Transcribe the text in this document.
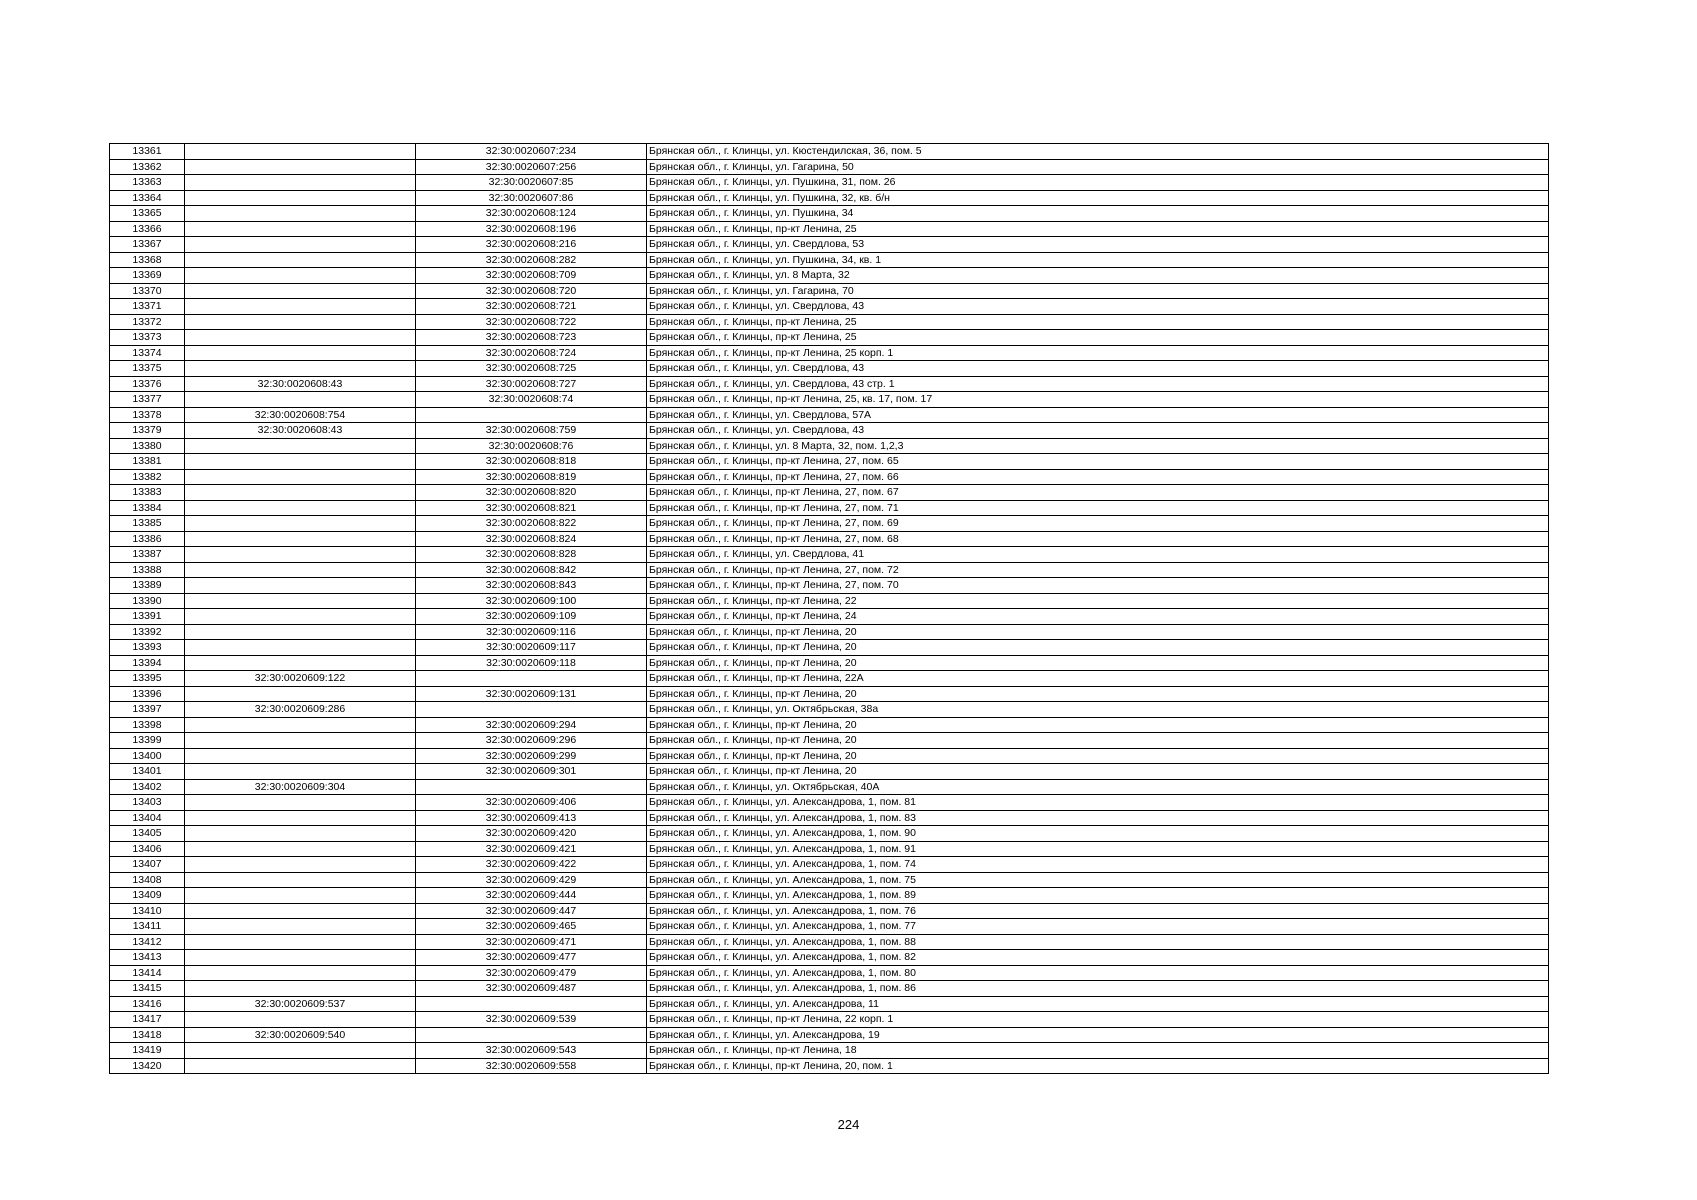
13361		32:30:0020607:234	Брянская обл., г. Клинцы, ул. Кюстендилская, 36, пом. 5
13362		32:30:0020607:256	Брянская обл., г. Клинцы, ул. Гагарина, 50
13363		32:30:0020607:85	Брянская обл., г. Клинцы, ул. Пушкина, 31, пом. 26
13364		32:30:0020607:86	Брянская обл., г. Клинцы, ул. Пушкина, 32, кв. б/н
13365		32:30:0020608:124	Брянская обл., г. Клинцы, ул. Пушкина, 34
13366		32:30:0020608:196	Брянская обл., г. Клинцы, пр-кт Ленина, 25
13367		32:30:0020608:216	Брянская обл., г. Клинцы, ул. Свердлова, 53
13368		32:30:0020608:282	Брянская обл., г. Клинцы, ул. Пушкина, 34, кв. 1
13369		32:30:0020608:709	Брянская обл., г. Клинцы, ул. 8 Марта, 32
13370		32:30:0020608:720	Брянская обл., г. Клинцы, ул. Гагарина, 70
13371		32:30:0020608:721	Брянская обл., г. Клинцы, ул. Свердлова, 43
13372		32:30:0020608:722	Брянская обл., г. Клинцы, пр-кт Ленина, 25
13373		32:30:0020608:723	Брянская обл., г. Клинцы, пр-кт Ленина, 25
13374		32:30:0020608:724	Брянская обл., г. Клинцы, пр-кт Ленина, 25 корп. 1
13375		32:30:0020608:725	Брянская обл., г. Клинцы, ул. Свердлова, 43
13376	32:30:0020608:43	32:30:0020608:727	Брянская обл., г. Клинцы, ул. Свердлова, 43 стр. 1
13377		32:30:0020608:74	Брянская обл., г. Клинцы, пр-кт Ленина, 25, кв. 17, пом. 17
13378	32:30:0020608:754		Брянская обл., г. Клинцы, ул. Свердлова, 57А
13379	32:30:0020608:43	32:30:0020608:759	Брянская обл., г. Клинцы, ул. Свердлова, 43
13380		32:30:0020608:76	Брянская обл., г. Клинцы, ул. 8 Марта, 32, пом. 1,2,3
13381		32:30:0020608:818	Брянская обл., г. Клинцы, пр-кт Ленина, 27, пом. 65
13382		32:30:0020608:819	Брянская обл., г. Клинцы, пр-кт Ленина, 27, пом. 66
13383		32:30:0020608:820	Брянская обл., г. Клинцы, пр-кт Ленина, 27, пом. 67
13384		32:30:0020608:821	Брянская обл., г. Клинцы, пр-кт Ленина, 27, пом. 71
13385		32:30:0020608:822	Брянская обл., г. Клинцы, пр-кт Ленина, 27, пом. 69
13386		32:30:0020608:824	Брянская обл., г. Клинцы, пр-кт Ленина, 27, пом. 68
13387		32:30:0020608:828	Брянская обл., г. Клинцы, ул. Свердлова, 41
13388		32:30:0020608:842	Брянская обл., г. Клинцы, пр-кт Ленина, 27, пом. 72
13389		32:30:0020608:843	Брянская обл., г. Клинцы, пр-кт Ленина, 27, пом. 70
13390		32:30:0020609:100	Брянская обл., г. Клинцы, пр-кт Ленина, 22
13391		32:30:0020609:109	Брянская обл., г. Клинцы, пр-кт Ленина, 24
13392		32:30:0020609:116	Брянская обл., г. Клинцы, пр-кт Ленина, 20
13393		32:30:0020609:117	Брянская обл., г. Клинцы, пр-кт Ленина, 20
13394		32:30:0020609:118	Брянская обл., г. Клинцы, пр-кт Ленина, 20
13395	32:30:0020609:122		Брянская обл., г. Клинцы, пр-кт Ленина, 22А
13396		32:30:0020609:131	Брянская обл., г. Клинцы, пр-кт Ленина, 20
13397	32:30:0020609:286		Брянская обл., г. Клинцы, ул. Октябрьская, 38а
13398		32:30:0020609:294	Брянская обл., г. Клинцы, пр-кт Ленина, 20
13399		32:30:0020609:296	Брянская обл., г. Клинцы, пр-кт Ленина, 20
13400		32:30:0020609:299	Брянская обл., г. Клинцы, пр-кт Ленина, 20
13401		32:30:0020609:301	Брянская обл., г. Клинцы, пр-кт Ленина, 20
13402	32:30:0020609:304		Брянская обл., г. Клинцы, ул. Октябрьская, 40А
13403		32:30:0020609:406	Брянская обл., г. Клинцы, ул. Александрова, 1, пом. 81
13404		32:30:0020609:413	Брянская обл., г. Клинцы, ул. Александрова, 1, пом. 83
13405		32:30:0020609:420	Брянская обл., г. Клинцы, ул. Александрова, 1, пом. 90
13406		32:30:0020609:421	Брянская обл., г. Клинцы, ул. Александрова, 1, пом. 91
13407		32:30:0020609:422	Брянская обл., г. Клинцы, ул. Александрова, 1, пом. 74
13408		32:30:0020609:429	Брянская обл., г. Клинцы, ул. Александрова, 1, пом. 75
13409		32:30:0020609:444	Брянская обл., г. Клинцы, ул. Александрова, 1, пом. 89
13410		32:30:0020609:447	Брянская обл., г. Клинцы, ул. Александрова, 1, пом. 76
13411		32:30:0020609:465	Брянская обл., г. Клинцы, ул. Александрова, 1, пом. 77
13412		32:30:0020609:471	Брянская обл., г. Клинцы, ул. Александрова, 1, пом. 88
13413		32:30:0020609:477	Брянская обл., г. Клинцы, ул. Александрова, 1, пом. 82
13414		32:30:0020609:479	Брянская обл., г. Клинцы, ул. Александрова, 1, пом. 80
13415		32:30:0020609:487	Брянская обл., г. Клинцы, ул. Александрова, 1, пом. 86
13416	32:30:0020609:537		Брянская обл., г. Клинцы, ул. Александрова, 11
13417		32:30:0020609:539	Брянская обл., г. Клинцы, пр-кт Ленина, 22 корп. 1
13418	32:30:0020609:540		Брянская обл., г. Клинцы, ул. Александрова, 19
13419		32:30:0020609:543	Брянская обл., г. Клинцы, пр-кт Ленина, 18
13420		32:30:0020609:558	Брянская обл., г. Клинцы, пр-кт Ленина, 20, пом. 1
224
